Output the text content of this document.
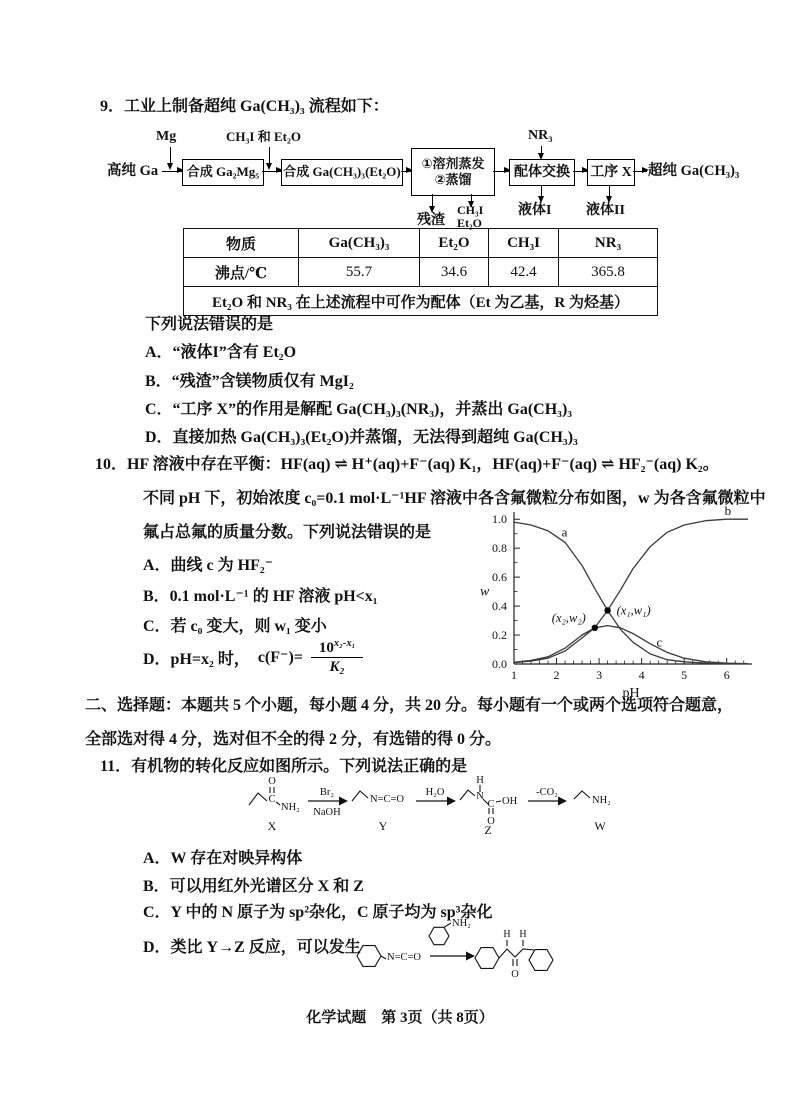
9．工业上制备超纯 Ga(CH₃)₃ 流程如下：
高纯 Ga
Mg
合成 Ga₂Mg₅
CH₃I 和 Et₂O
合成 Ga(CH₃)₃(Et₂O)
①溶剂蒸发
②蒸馏
残渣
CH₃I
Et₂O
NR₃
配体交换
液体I
工序 X
液体II
超纯 Ga(CH₃)₃
物质	Ga(CH₃)₃	Et₂O	CH₃I	NR₃
沸点/℃	55.7	34.6	42.4	365.8
Et₂O 和 NR₃ 在上述流程中可作为配体（Et 为乙基，R 为烃基）				
下列说法错误的是
A．“液体I”含有 Et₂O
B．“残渣”含镁物质仅有 MgI₂
C．“工序 X”的作用是解配 Ga(CH₃)₃(NR₃)，并蒸出 Ga(CH₃)₃
D．直接加热 Ga(CH₃)₃(Et₂O)并蒸馏，无法得到超纯 Ga(CH₃)₃
10．HF 溶液中存在平衡：HF(aq) ⇌ H⁺(aq)+F⁻(aq) K₁，HF(aq)+F⁻(aq) ⇌ HF₂⁻(aq) K₂。
不同 pH 下，初始浓度 c₀=0.1 mol·L⁻¹HF 溶液中各含氟微粒分布如图，w 为各含氟微粒中
氟占总氟的质量分数。下列说法错误的是
A．曲线 c 为 HF₂⁻
B．0.1 mol·L⁻¹ 的 HF 溶液 pH<x₁
C．若 c₀ 变大，则 w₁ 变小
D．pH=x₂ 时， $c(F^-)= \frac{10^{x_2-x_1}}{\text{K₂}}$	1	2	3	4	5	6
0.0
0.2
0.4
0.6
0.8
1.0
a
b
c
(x₁,w₁)
(x₂,w₂)
pH
w
二、选择题：本题共 5 个小题，每小题 4 分，共 20 分。每小题有一个或两个选项符合题意，
全部选对得 4 分，选对但不全的得 2 分，有选错的得 0 分。
11．有机物的转化反应如图所示。下列说法正确的是
O
C
NH₂
X
Br₂
NaOH
N=C=O
Y
H₂O
H
N
C OH
O
Z
-CO₂
NH₂
W
A．W 存在对映异构体
B．可以用红外光谱区分 X 和 Z
C．Y 中的 N 原子为 sp²杂化，C 原子均为 sp³杂化
D．类比 Y→Z 反应，可以发生
N=C=O
NH₂
H H
O
化学试题　第 3页（共 8页）
